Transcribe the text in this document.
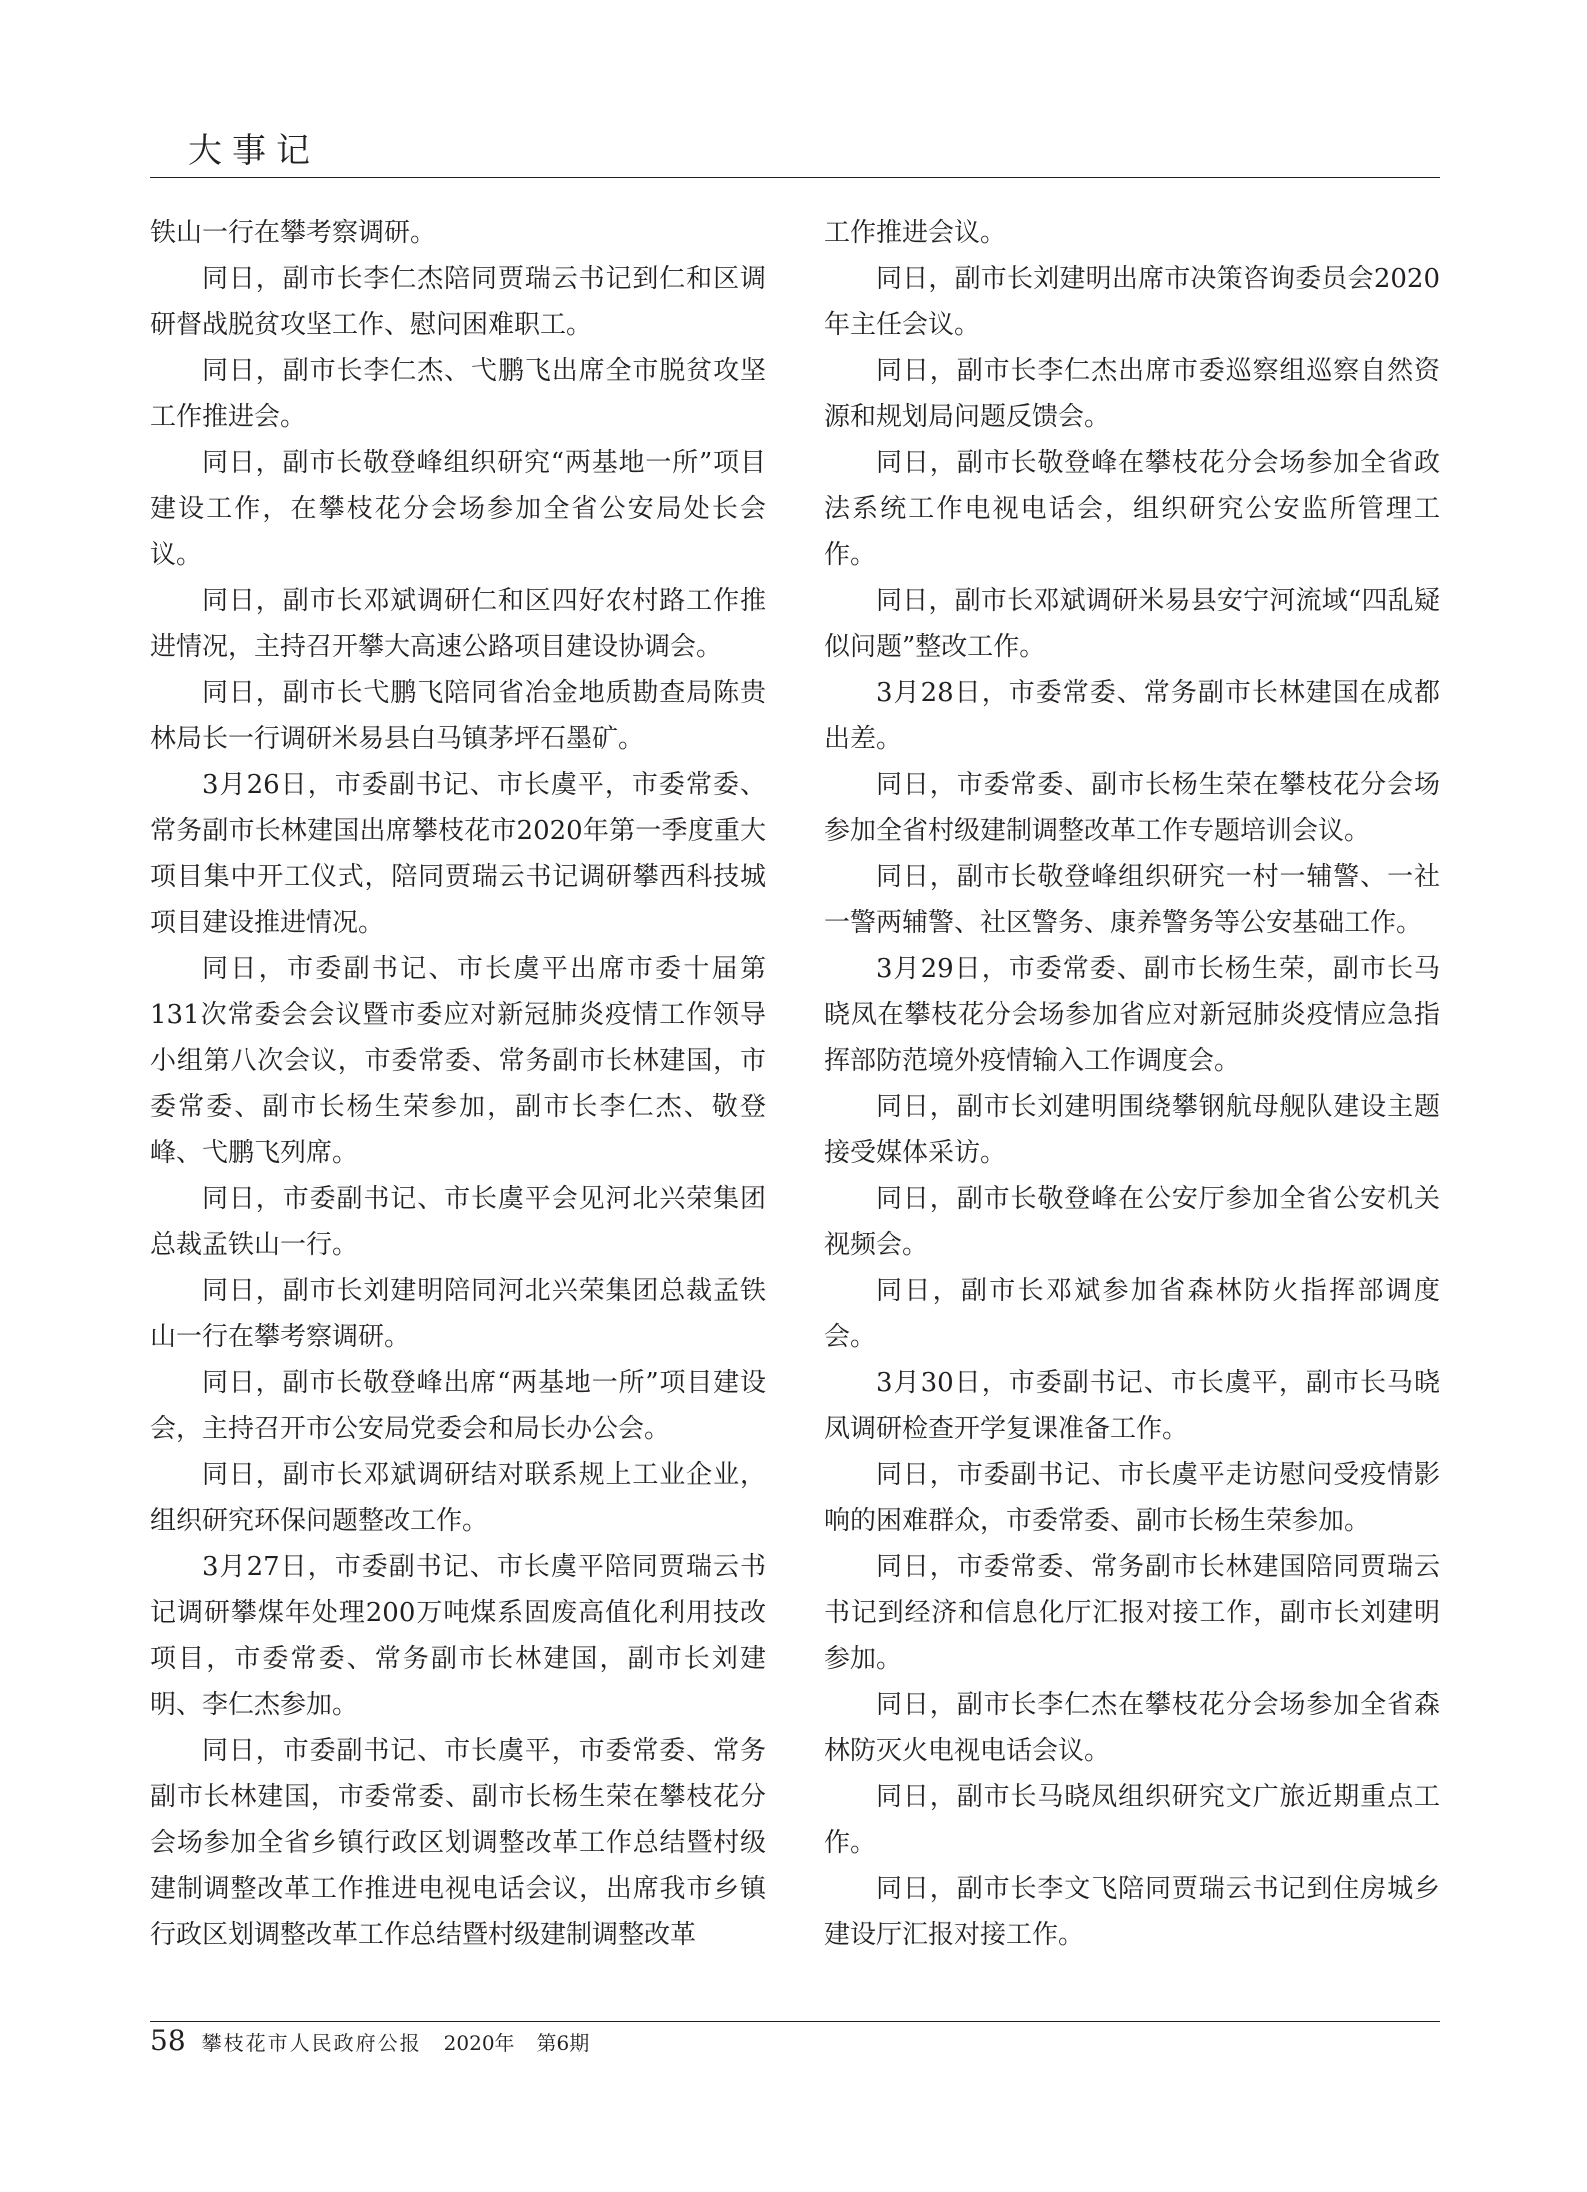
大事记

铁山一行在攀考察调研。

同日，副市长李仁杰陪同贾瑞云书记到仁和区调研督战脱贫攻坚工作、慰问困难职工。

同日，副市长李仁杰、弋鹏飞出席全市脱贫攻坚工作推进会。

同日，副市长敬登峰组织研究“两基地一所”项目建设工作，在攀枝花分会场参加全省公安局处长会议。

同日，副市长邓斌调研仁和区四好农村路工作推进情况，主持召开攀大高速公路项目建设协调会。

同日，副市长弋鹏飞陪同省冶金地质勘查局陈贵林局长一行调研米易县白马镇茅坪石墨矿。

3月26日，市委副书记、市长虞平，市委常委、常务副市长林建国出席攀枝花市2020年第一季度重大项目集中开工仪式，陪同贾瑞云书记调研攀西科技城项目建设推进情况。

同日，市委副书记、市长虞平出席市委十届第131次常委会会议暨市委应对新冠肺炎疫情工作领导小组第八次会议，市委常委、常务副市长林建国，市委常委、副市长杨生荣参加，副市长李仁杰、敬登峰、弋鹏飞列席。

同日，市委副书记、市长虞平会见河北兴荣集团总裁孟铁山一行。

同日，副市长刘建明陪同河北兴荣集团总裁孟铁山一行在攀考察调研。

同日，副市长敬登峰出席“两基地一所”项目建设会，主持召开市公安局党委会和局长办公会。

同日，副市长邓斌调研结对联系规上工业企业，组织研究环保问题整改工作。

3月27日，市委副书记、市长虞平陪同贾瑞云书记调研攀煤年处理200万吨煤系固废高值化利用技改项目，市委常委、常务副市长林建国，副市长刘建明、李仁杰参加。

同日，市委副书记、市长虞平，市委常委、常务副市长林建国，市委常委、副市长杨生荣在攀枝花分会场参加全省乡镇行政区划调整改革工作总结暨村级建制调整改革工作推进电视电话会议，出席我市乡镇行政区划调整改革工作总结暨村级建制调整改革

工作推进会议。

同日，副市长刘建明出席市决策咨询委员会2020年主任会议。

同日，副市长李仁杰出席市委巡察组巡察自然资源和规划局问题反馈会。

同日，副市长敬登峰在攀枝花分会场参加全省政法系统工作电视电话会，组织研究公安监所管理工作。

同日，副市长邓斌调研米易县安宁河流域“四乱疑似问题”整改工作。

3月28日，市委常委、常务副市长林建国在成都出差。

同日，市委常委、副市长杨生荣在攀枝花分会场参加全省村级建制调整改革工作专题培训会议。

同日，副市长敬登峰组织研究一村一辅警、一社一警两辅警、社区警务、康养警务等公安基础工作。

3月29日，市委常委、副市长杨生荣，副市长马晓凤在攀枝花分会场参加省应对新冠肺炎疫情应急指挥部防范境外疫情输入工作调度会。

同日，副市长刘建明围绕攀钢航母舰队建设主题接受媒体采访。

同日，副市长敬登峰在公安厅参加全省公安机关视频会。

同日，副市长邓斌参加省森林防火指挥部调度会。

3月30日，市委副书记、市长虞平，副市长马晓凤调研检查开学复课准备工作。

同日，市委副书记、市长虞平走访慰问受疫情影响的困难群众，市委常委、副市长杨生荣参加。

同日，市委常委、常务副市长林建国陪同贾瑞云书记到经济和信息化厅汇报对接工作，副市长刘建明参加。

同日，副市长李仁杰在攀枝花分会场参加全省森林防灭火电视电话会议。

同日，副市长马晓凤组织研究文广旅近期重点工作。

同日，副市长李文飞陪同贾瑞云书记到住房城乡建设厅汇报对接工作。

58 攀枝花市人民政府公报 2020年 第6期
